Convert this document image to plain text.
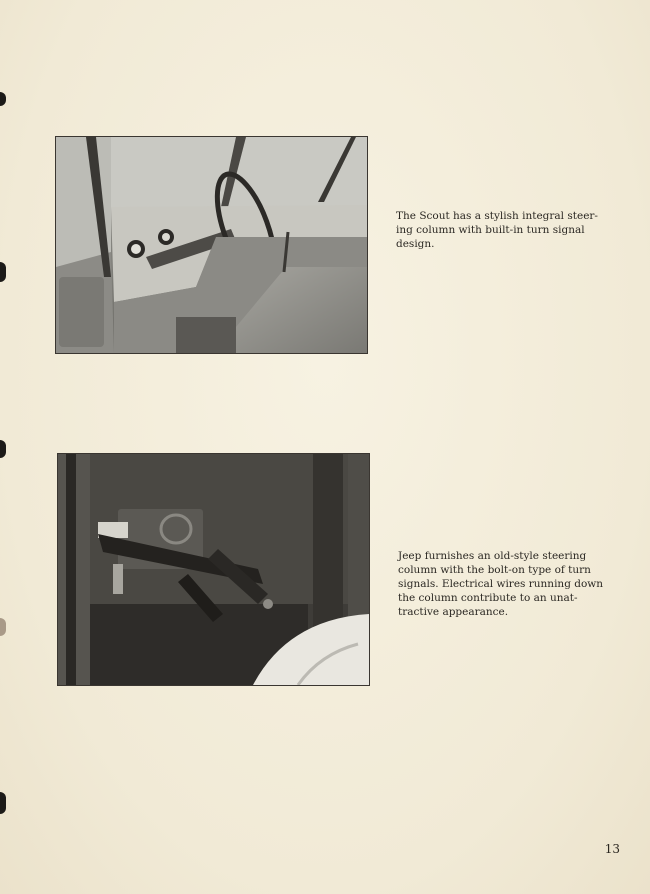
The Scout has a stylish integral steer-
ing column with built-in turn signal
design.
Jeep furnishes an old-style steering
column with the bolt-on type of turn
signals. Electrical wires running down
the column contribute to an unat-
tractive appearance.
13
